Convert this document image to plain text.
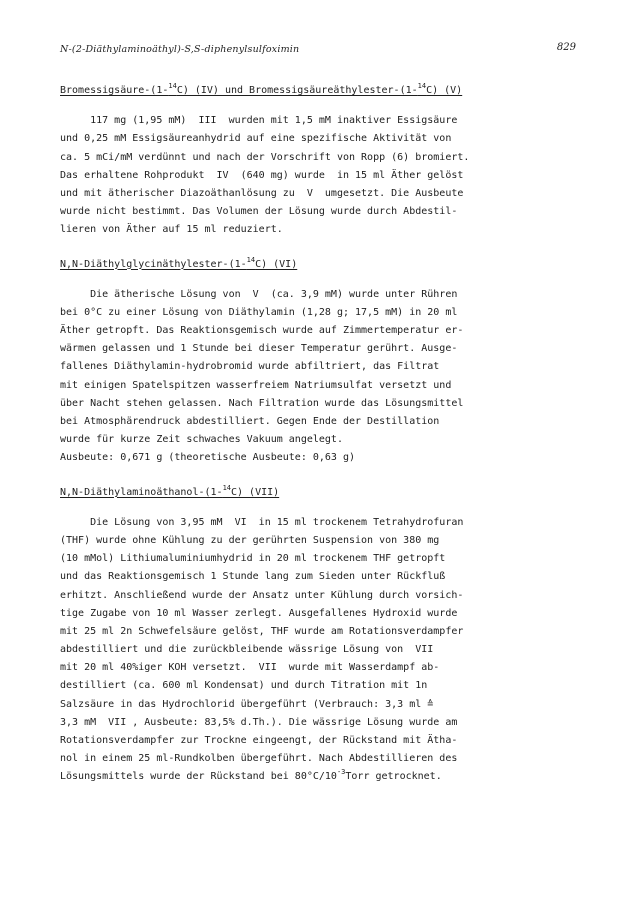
N-(2-Diäthylaminoäthyl)-S,S-diphenylsulfoximin	829
Bromessigsäure-(1-$^{14}$C) (IV) und Bromessigsäureäthylester-(1-$^{14}$C) (V)
117 mg (1,95 mM)  III  wurden mit 1,5 mM inaktiver Essigsäure
und 0,25 mM Essigsäureanhydrid auf eine spezifische Aktivität von
ca. 5 mCi/mM verdünnt und nach der Vorschrift von Ropp (6) bromiert.
Das erhaltene Rohprodukt  IV  (640 mg) wurde  in 15 ml Äther gelöst
und mit ätherischer Diazoäthanlösung zu  V  umgesetzt. Die Ausbeute
wurde nicht bestimmt. Das Volumen der Lösung wurde durch Abdestil-
lieren von Äther auf 15 ml reduziert.
N,N-Diäthylglycinäthylester-(1-$^{14}$C) (VI)
Die ätherische Lösung von  V  (ca. 3,9 mM) wurde unter Rühren
bei 0°C zu einer Lösung von Diäthylamin (1,28 g; 17,5 mM) in 20 ml
Äther getropft. Das Reaktionsgemisch wurde auf Zimmertemperatur er-
wärmen gelassen und 1 Stunde bei dieser Temperatur gerührt. Ausge-
fallenes Diäthylamin-hydrobromid wurde abfiltriert, das Filtrat
mit einigen Spatelspitzen wasserfreiem Natriumsulfat versetzt und
über Nacht stehen gelassen. Nach Filtration wurde das Lösungsmittel
bei Atmosphärendruck abdestilliert. Gegen Ende der Destillation
wurde für kurze Zeit schwaches Vakuum angelegt.
Ausbeute: 0,671 g (theoretische Ausbeute: 0,63 g)
N,N-Diäthylaminoäthanol-(1-$^{14}$C) (VII)
Die Lösung von 3,95 mM  VI  in 15 ml trockenem Tetrahydrofuran
(THF) wurde ohne Kühlung zu der gerührten Suspension von 380 mg
(10 mMol) Lithiumaluminiumhydrid in 20 ml trockenem THF getropft
und das Reaktionsgemisch 1 Stunde lang zum Sieden unter Rückfluß
erhitzt. Anschließend wurde der Ansatz unter Kühlung durch vorsich-
tige Zugabe von 10 ml Wasser zerlegt. Ausgefallenes Hydroxid wurde
mit 25 ml 2n Schwefelsäure gelöst, THF wurde am Rotationsverdampfer
abdestilliert und die zurückbleibende wässrige Lösung von  VII
mit 20 ml 40%iger KOH versetzt.  VII  wurde mit Wasserdampf ab-
destilliert (ca. 600 ml Kondensat) und durch Titration mit 1n
Salzsäure in das Hydrochlorid übergeführt (Verbrauch: 3,3 ml ≙
3,3 mM  VII , Ausbeute: 83,5% d.Th.). Die wässrige Lösung wurde am
Rotationsverdampfer zur Trockne eingeengt, der Rückstand mit Ätha-
nol in einem 25 ml-Rundkolben übergeführt. Nach Abdestillieren des
Lösungsmittels wurde der Rückstand bei $80^\circ C/10^{-3}Torr$ getrocknet.
